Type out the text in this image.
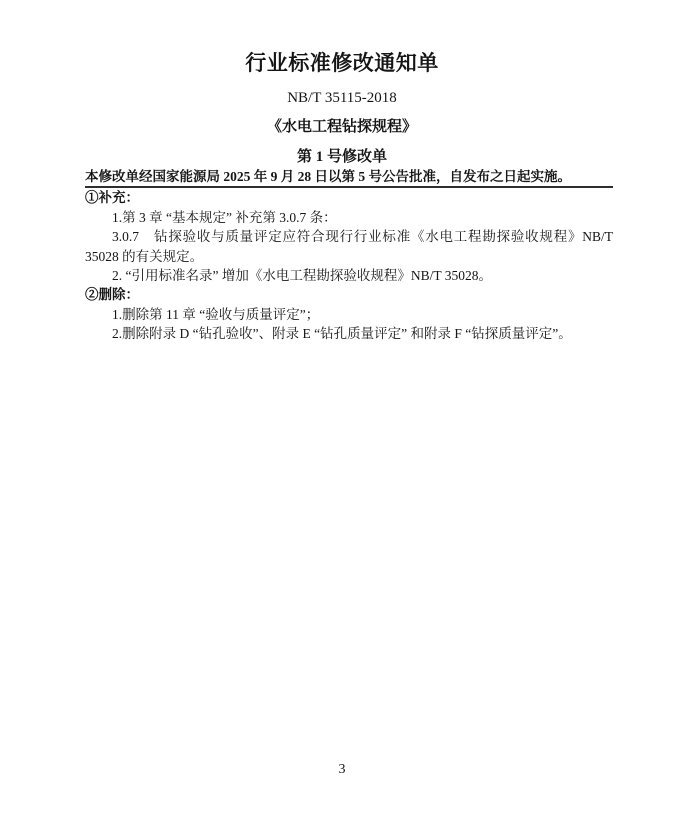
行业标准修改通知单

NB/T 35115-2018

《水电工程钻探规程》

第 1 号修改单

本修改单经国家能源局 2025 年 9 月 28 日以第 5 号公告批准，自发布之日起实施。

①补充：

1.第 3 章 “基本规定” 补充第 3.0.7 条：

3.0.7　钻探验收与质量评定应符合现行行业标准《水电工程勘探验收规程》NB/T 35028 的有关规定。

2. “引用标准名录” 增加《水电工程勘探验收规程》NB/T 35028。

②删除：

1.删除第 11 章 “验收与质量评定”；

2.删除附录 D “钻孔验收”、附录 E “钻孔质量评定” 和附录 F “钻探质量评定”。

3
